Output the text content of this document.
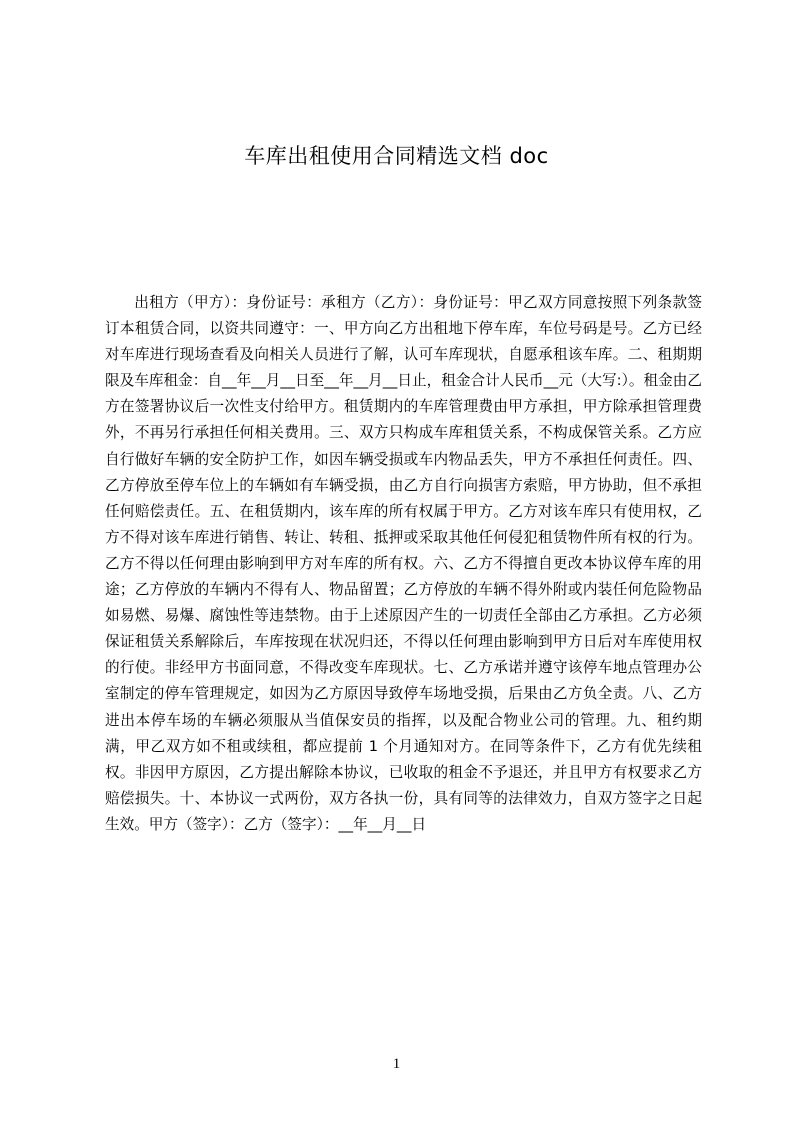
车库出租使用合同精选文档 doc

出租方（甲方）：身份证号：承租方（乙方）：身份证号：甲乙双方同意按照下列条款签订本租赁合同，以资共同遵守：一、甲方向乙方出租地下停车库，车位号码是号。乙方已经对车库进行现场查看及向相关人员进行了解，认可车库现状，自愿承租该车库。二、租期期限及车库租金：自__年__月__日至__年__月__日止，租金合计人民币__元（大写:）。租金由乙方在签署协议后一次性支付给甲方。租赁期内的车库管理费由甲方承担，甲方除承担管理费外，不再另行承担任何相关费用。三、双方只构成车库租赁关系，不构成保管关系。乙方应自行做好车辆的安全防护工作，如因车辆受损或车内物品丢失，甲方不承担任何责任。四、乙方停放至停车位上的车辆如有车辆受损，由乙方自行向损害方索赔，甲方协助，但不承担任何赔偿责任。五、在租赁期内，该车库的所有权属于甲方。乙方对该车库只有使用权，乙方不得对该车库进行销售、转让、转租、抵押或采取其他任何侵犯租赁物件所有权的行为。乙方不得以任何理由影响到甲方对车库的所有权。六、乙方不得擅自更改本协议停车库的用途；乙方停放的车辆内不得有人、物品留置；乙方停放的车辆不得外附或内装任何危险物品如易燃、易爆、腐蚀性等违禁物。由于上述原因产生的一切责任全部由乙方承担。乙方必须保证租赁关系解除后，车库按现在状况归还，不得以任何理由影响到甲方日后对车库使用权的行使。非经甲方书面同意，不得改变车库现状。七、乙方承诺并遵守该停车地点管理办公室制定的停车管理规定，如因为乙方原因导致停车场地受损，后果由乙方负全责。八、乙方进出本停车场的车辆必须服从当值保安员的指挥，以及配合物业公司的管理。九、租约期满，甲乙双方如不租或续租，都应提前 1 个月通知对方。在同等条件下，乙方有优先续租权。非因甲方原因，乙方提出解除本协议，已收取的租金不予退还，并且甲方有权要求乙方赔偿损失。十、本协议一式两份，双方各执一份，具有同等的法律效力，自双方签字之日起生效。甲方（签字）：乙方（签字）：__年__月__日

1
